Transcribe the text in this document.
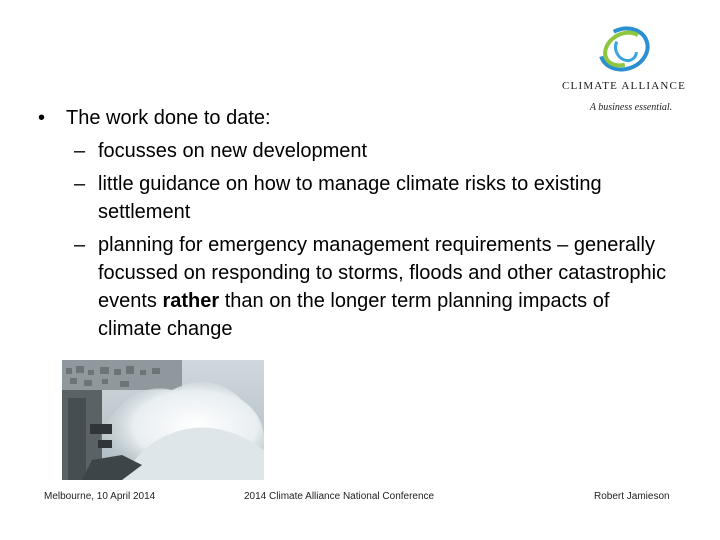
CLIMATE ALLIANCE
A business essential.
• The work done to date:
– focusses on new development
– little guidance on how to manage climate risks to existing settlement
– planning for emergency management requirements – generally focussed on responding to storms, floods and other catastrophic events rather than on the longer term planning impacts of climate change
Melbourne, 10 April 2014	2014 Climate Alliance National Conference	Robert Jamieson
